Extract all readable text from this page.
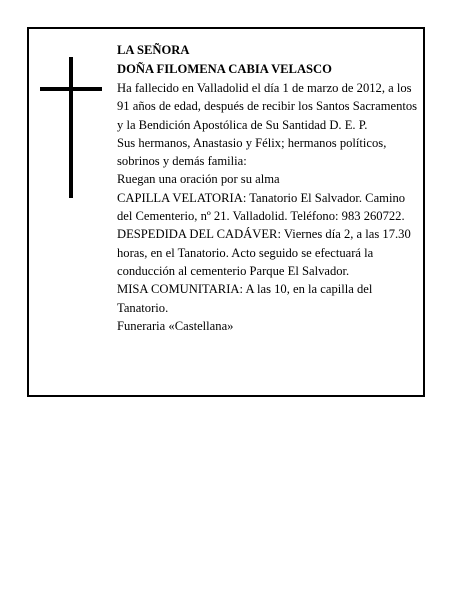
LA SEÑORA

DOÑA FILOMENA CABIA VELASCO

Ha fallecido en Valladolid el día 1 de marzo de 2012, a los 91 años de edad, después de recibir los Santos Sacramentos y la Bendición Apostólica de Su Santidad D. E. P.

Sus hermanos, Anastasio y Félix; hermanos políticos, sobrinos y demás familia:

Ruegan una oración por su alma

CAPILLA VELATORIA: Tanatorio El Salvador. Camino del Cementerio, nº 21. Valladolid. Teléfono: 983 260722.

DESPEDIDA DEL CADÁVER: Viernes día 2, a las 17.30 horas, en el Tanatorio. Acto seguido se efectuará la conducción al cementerio Parque El Salvador.

MISA COMUNITARIA: A las 10, en la capilla del Tanatorio.

Funeraria «Castellana»
